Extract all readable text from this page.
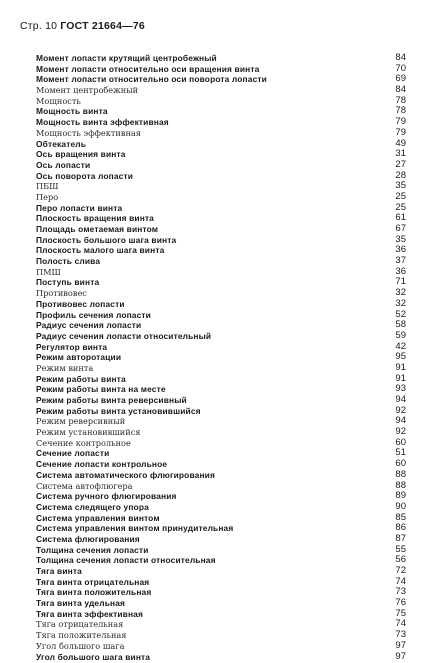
Стр. 10 ГОСТ 21664—76
Момент лопасти крутящий центробежный	84
Момент лопасти относительно оси вращения винта	70
Момент лопасти относительно оси поворота лопасти	69
Момент центробежный	84
Мощность	78
Мощность винта	78
Мощность винта эффективная	79
Мощность эффективная	79
Обтекатель	49
Ось вращения винта	31
Ось лопасти	27
Ось поворота лопасти	28
ПБШ	35
Перо	25
Перо лопасти винта	25
Плоскость вращения винта	61
Площадь ометаемая винтом	67
Плоскость большого шага винта	35
Плоскость малого шага винта	36
Полость слива	37
ПМШ	36
Поступь винта	71
Противовес	32
Противовес лопасти	32
Профиль сечения лопасти	52
Радиус сечения лопасти	58
Радиус сечения лопасти относительный	59
Регулятор винта	42
Режим авторотации	95
Режим винта	91
Режим работы винта	91
Режим работы винта на месте	93
Режим работы винта реверсивный	94
Режим работы винта установившийся	92
Режим реверсивный	94
Режим установившийся	92
Сечение контрольное	60
Сечение лопасти	51
Сечение лопасти контрольное	60
Система автоматического флюгирования	88
Система автофлюгера	88
Система ручного флюгирования	89
Система следящего упора	90
Система управления винтом	85
Система управления винтом принудительная	86
Система флюгирования	87
Толщина сечения лопасти	55
Толщина сечения лопасти относительная	56
Тяга винта	72
Тяга винта отрицательная	74
Тяга винта положительная	73
Тяга винта удельная	76
Тяга винта эффективная	75
Тяга отрицательная	74
Тяга положительная	73
Угол большого шага	97
Угол большого шага винта	97
